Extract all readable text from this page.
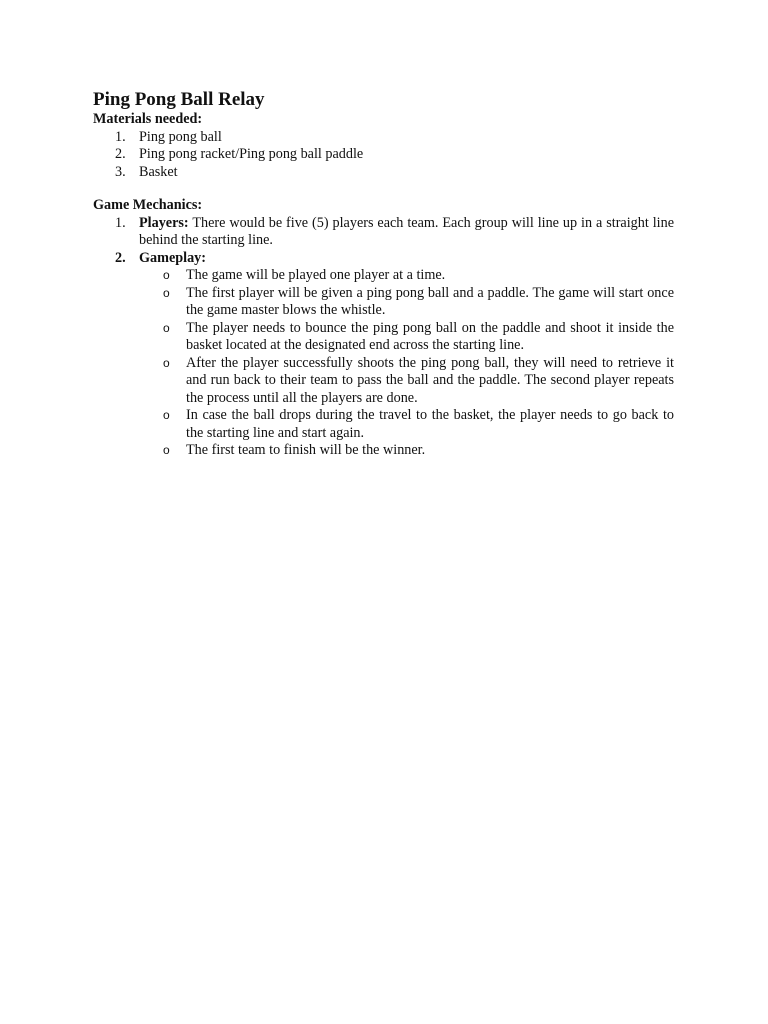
Ping Pong Ball Relay
Materials needed:
1. Ping pong ball
2. Ping pong racket/Ping pong ball paddle
3. Basket
Game Mechanics:
1. Players: There would be five (5) players each team. Each group will line up in a straight line behind the starting line.
2. Gameplay:
o The game will be played one player at a time.
o The first player will be given a ping pong ball and a paddle. The game will start once the game master blows the whistle.
o The player needs to bounce the ping pong ball on the paddle and shoot it inside the basket located at the designated end across the starting line.
o After the player successfully shoots the ping pong ball, they will need to retrieve it and run back to their team to pass the ball and the paddle. The second player repeats the process until all the players are done.
o In case the ball drops during the travel to the basket, the player needs to go back to the starting line and start again.
o The first team to finish will be the winner.
